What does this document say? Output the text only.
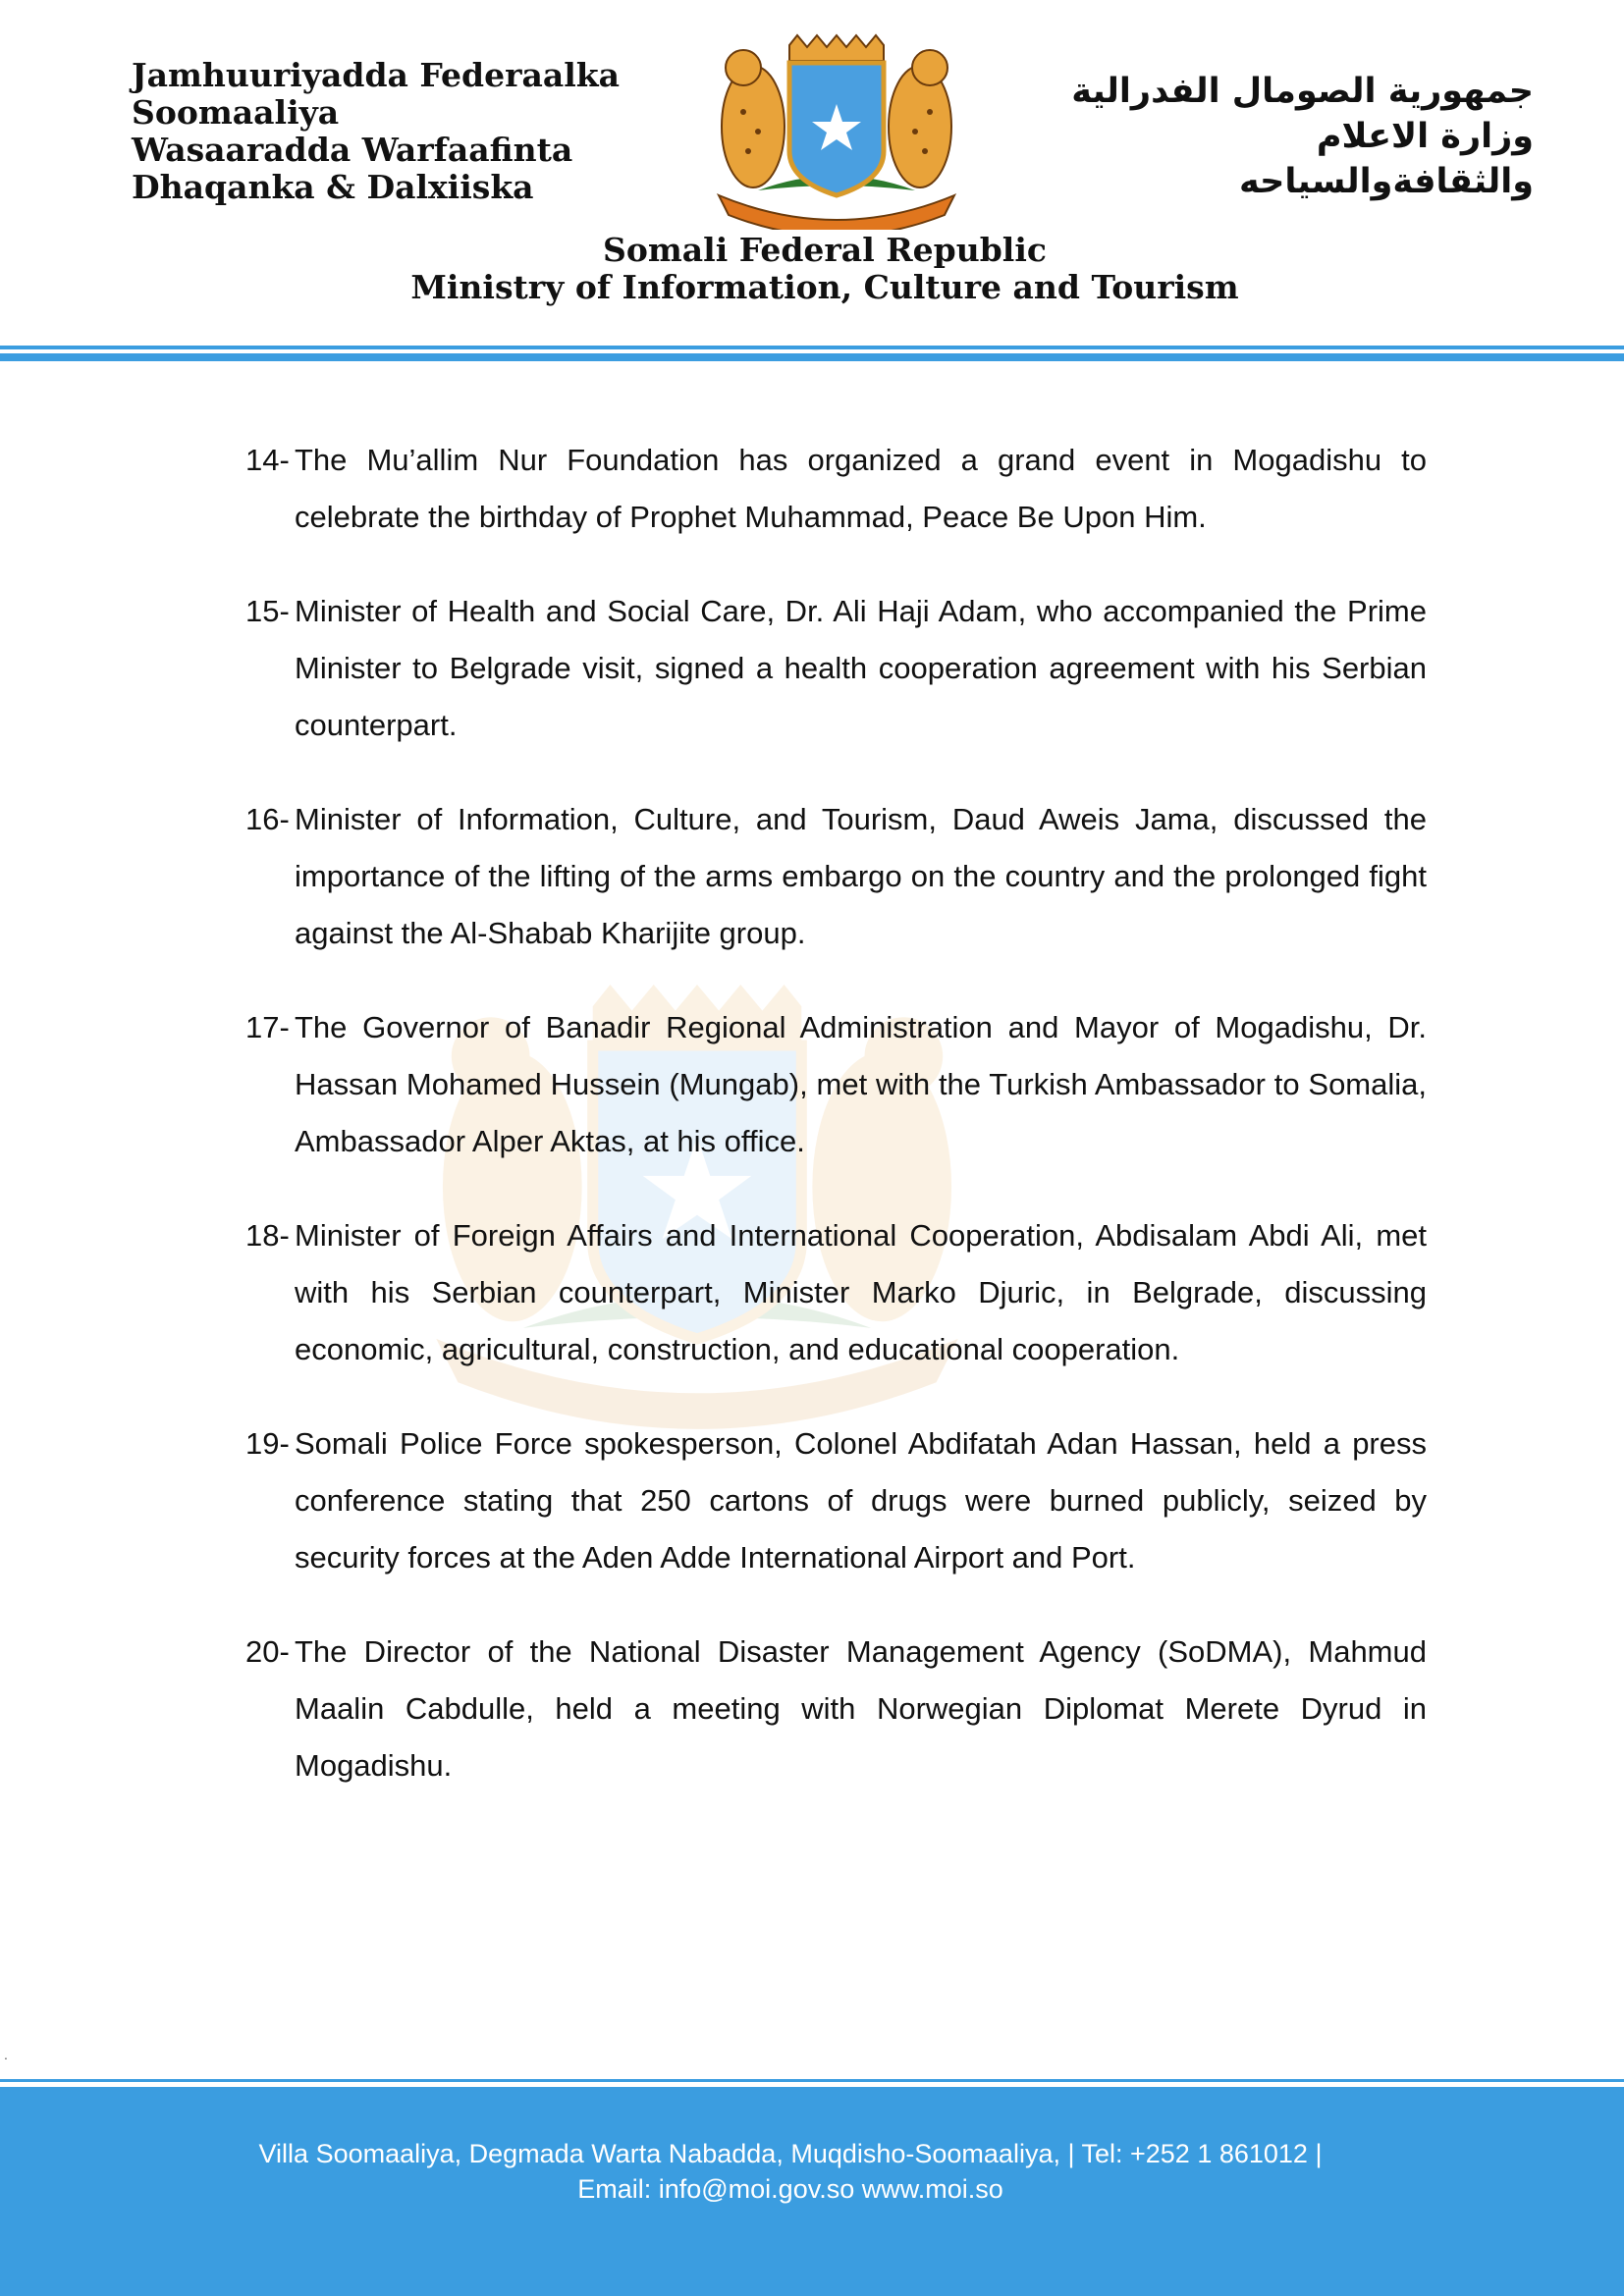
Jamhuuriyadda Federaalka
Soomaaliya
Wasaaradda Warfaafinta
Dhaqanka & Dalxiiska
جمهورية الصومال الفدرالية
وزارة الاعلام
والثقافةوالسياحه
Somali Federal Republic
Ministry of Information, Culture and Tourism
14- The Mu’allim Nur Foundation has organized a grand event in Mogadishu to celebrate the birthday of Prophet Muhammad, Peace Be Upon Him.
15- Minister of Health and Social Care, Dr. Ali Haji Adam, who accompanied the Prime Minister to Belgrade visit, signed a health cooperation agreement with his Serbian counterpart.
16- Minister of Information, Culture, and Tourism, Daud Aweis Jama, discussed the importance of the lifting of the arms embargo on the country and the prolonged fight against the Al-Shabab Kharijite group.
17- The Governor of Banadir Regional Administration and Mayor of Mogadishu, Dr. Hassan Mohamed Hussein (Mungab), met with the Turkish Ambassador to Somalia, Ambassador Alper Aktas, at his office.
18- Minister of Foreign Affairs and International Cooperation, Abdisalam Abdi Ali, met with his Serbian counterpart, Minister Marko Djuric, in Belgrade, discussing economic, agricultural, construction, and educational cooperation.
19- Somali Police Force spokesperson, Colonel Abdifatah Adan Hassan, held a press conference stating that 250 cartons of drugs were burned publicly, seized by security forces at the Aden Adde International Airport and Port.
20- The Director of the National Disaster Management Agency (SoDMA), Mahmud Maalin Cabdulle, held a meeting with Norwegian Diplomat Merete Dyrud in Mogadishu.
.
Villa Soomaaliya, Degmada Warta Nabadda, Muqdisho-Soomaaliya, | Tel: +252 1 861012 |
Email: info@moi.gov.so www.moi.so
